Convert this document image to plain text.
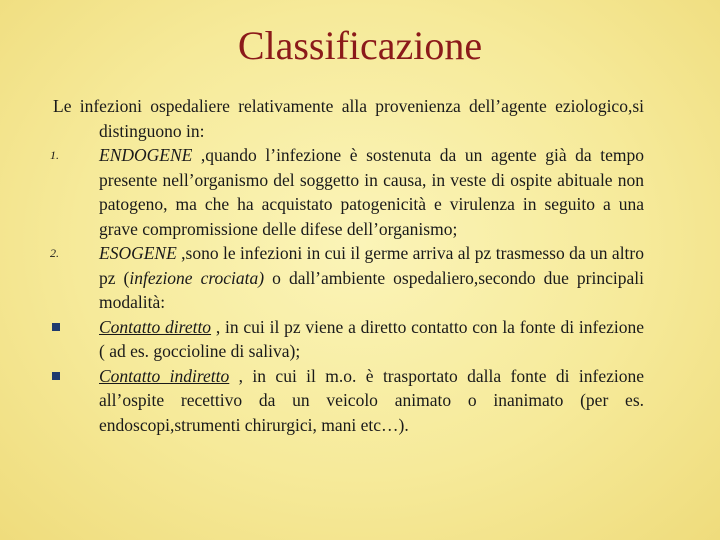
Classificazione

Le infezioni ospedaliere relativamente alla provenienza dell’agente eziologico,si distinguono in:

1. ENDOGENE ,quando l’infezione è sostenuta da un agente già da tempo presente nell’organismo del soggetto in causa, in veste di ospite abituale non patogeno, ma che ha acquistato patogenicità e virulenza in seguito a una grave compromissione delle difese dell’organismo;

2. ESOGENE ,sono le infezioni in cui il germe arriva al pz trasmesso da un altro pz (infezione crociata) o dall’ambiente ospedaliero,secondo due principali modalità:

Contatto diretto , in cui il pz viene a diretto contatto con la fonte di infezione ( ad es. goccioline di saliva);

Contatto indiretto , in cui il m.o. è trasportato dalla fonte di infezione all’ospite recettivo da un veicolo animato o inanimato (per es. endoscopi,strumenti chirurgici, mani etc…).
